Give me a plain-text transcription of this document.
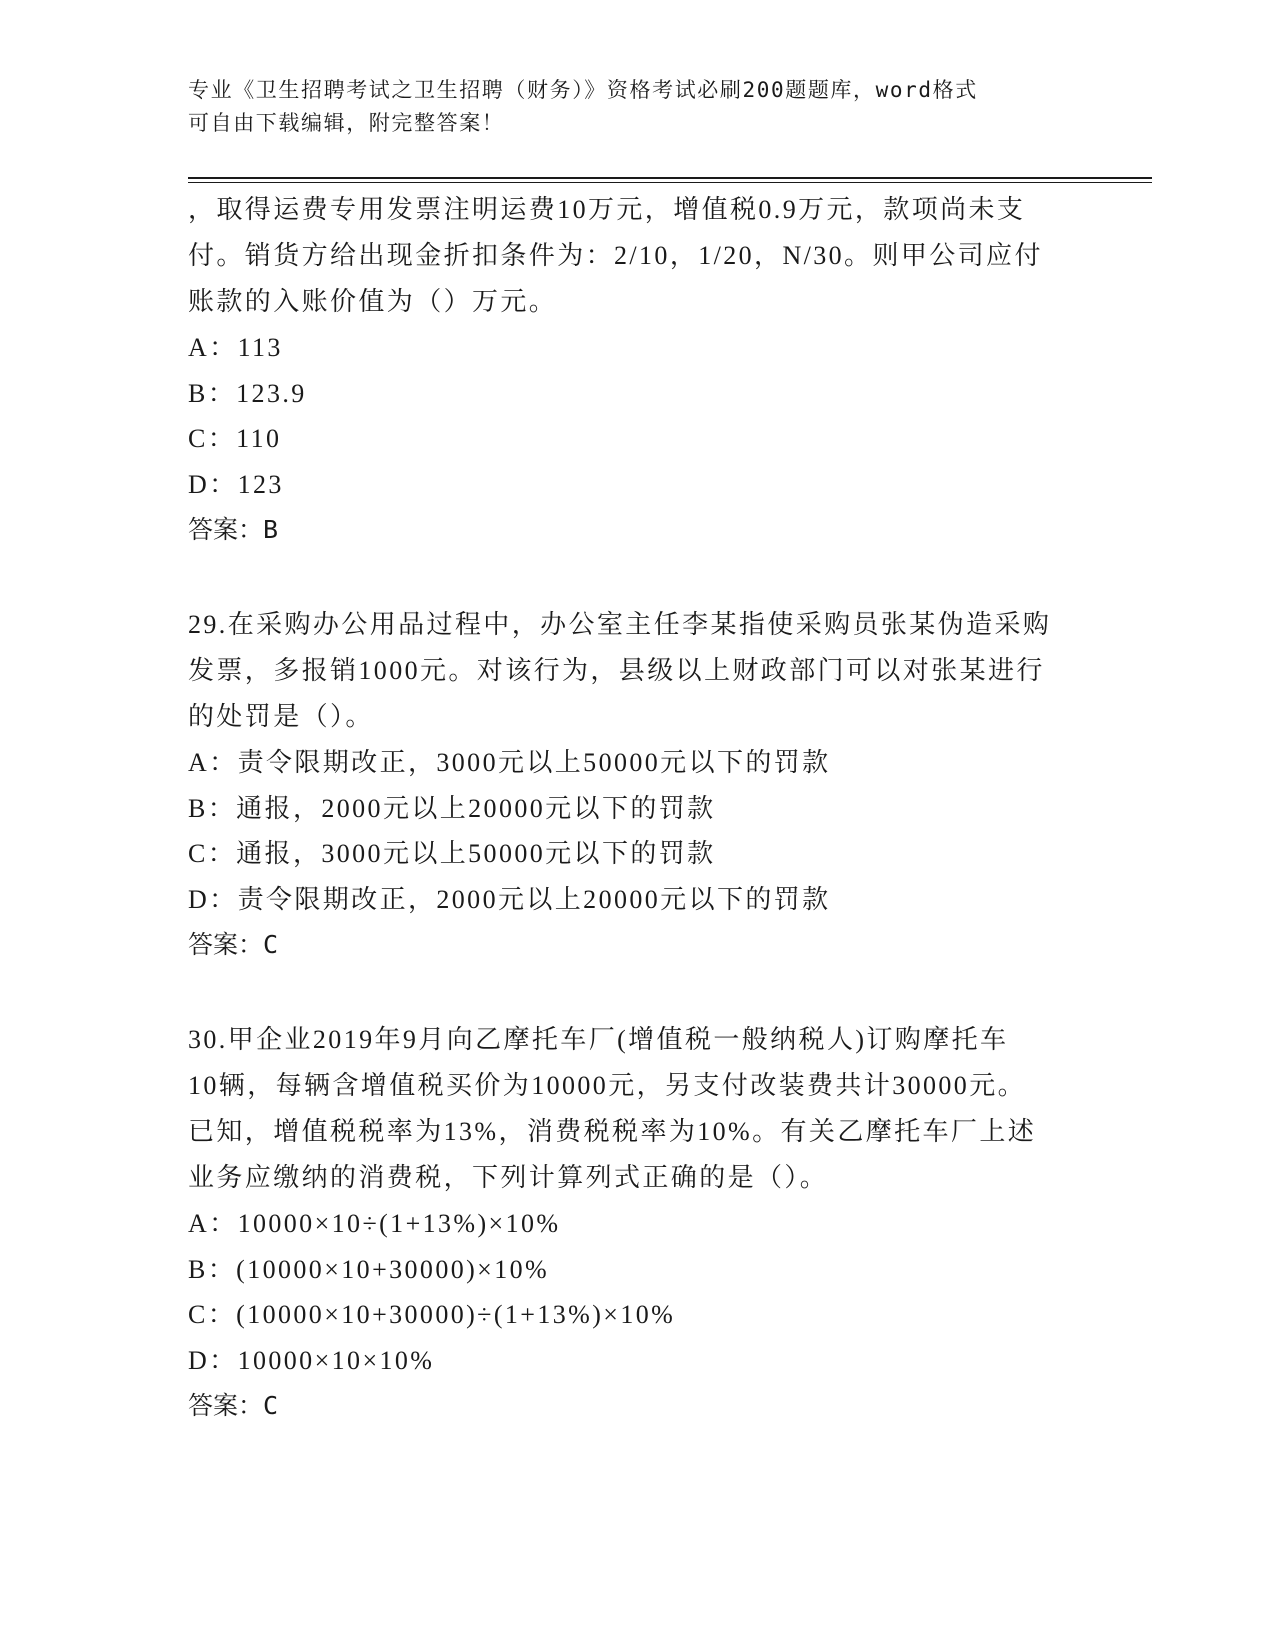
专业《卫生招聘考试之卫生招聘（财务）》资格考试必刷200题题库，word格式
可自由下载编辑，附完整答案！

，取得运费专用发票注明运费10万元，增值税0.9万元，款项尚未支

付。销货方给出现金折扣条件为：2/10，1/20，N/30。则甲公司应付

账款的入账价值为（）万元。

A：113

B：123.9

C：110

D：123

答案：B

29.在采购办公用品过程中，办公室主任李某指使采购员张某伪造采购

发票，多报销1000元。对该行为，县级以上财政部门可以对张某进行

的处罚是（）。

A：责令限期改正，3000元以上50000元以下的罚款

B：通报，2000元以上20000元以下的罚款

C：通报，3000元以上50000元以下的罚款

D：责令限期改正，2000元以上20000元以下的罚款

答案：C

30.甲企业2019年9月向乙摩托车厂(增值税一般纳税人)订购摩托车

10辆，每辆含增值税买价为10000元，另支付改装费共计30000元。

已知，增值税税率为13%，消费税税率为10%。有关乙摩托车厂上述

业务应缴纳的消费税，下列计算列式正确的是（）。

A：10000×10÷(1+13%)×10%

B：(10000×10+30000)×10%

C：(10000×10+30000)÷(1+13%)×10%

D：10000×10×10%

答案：C
